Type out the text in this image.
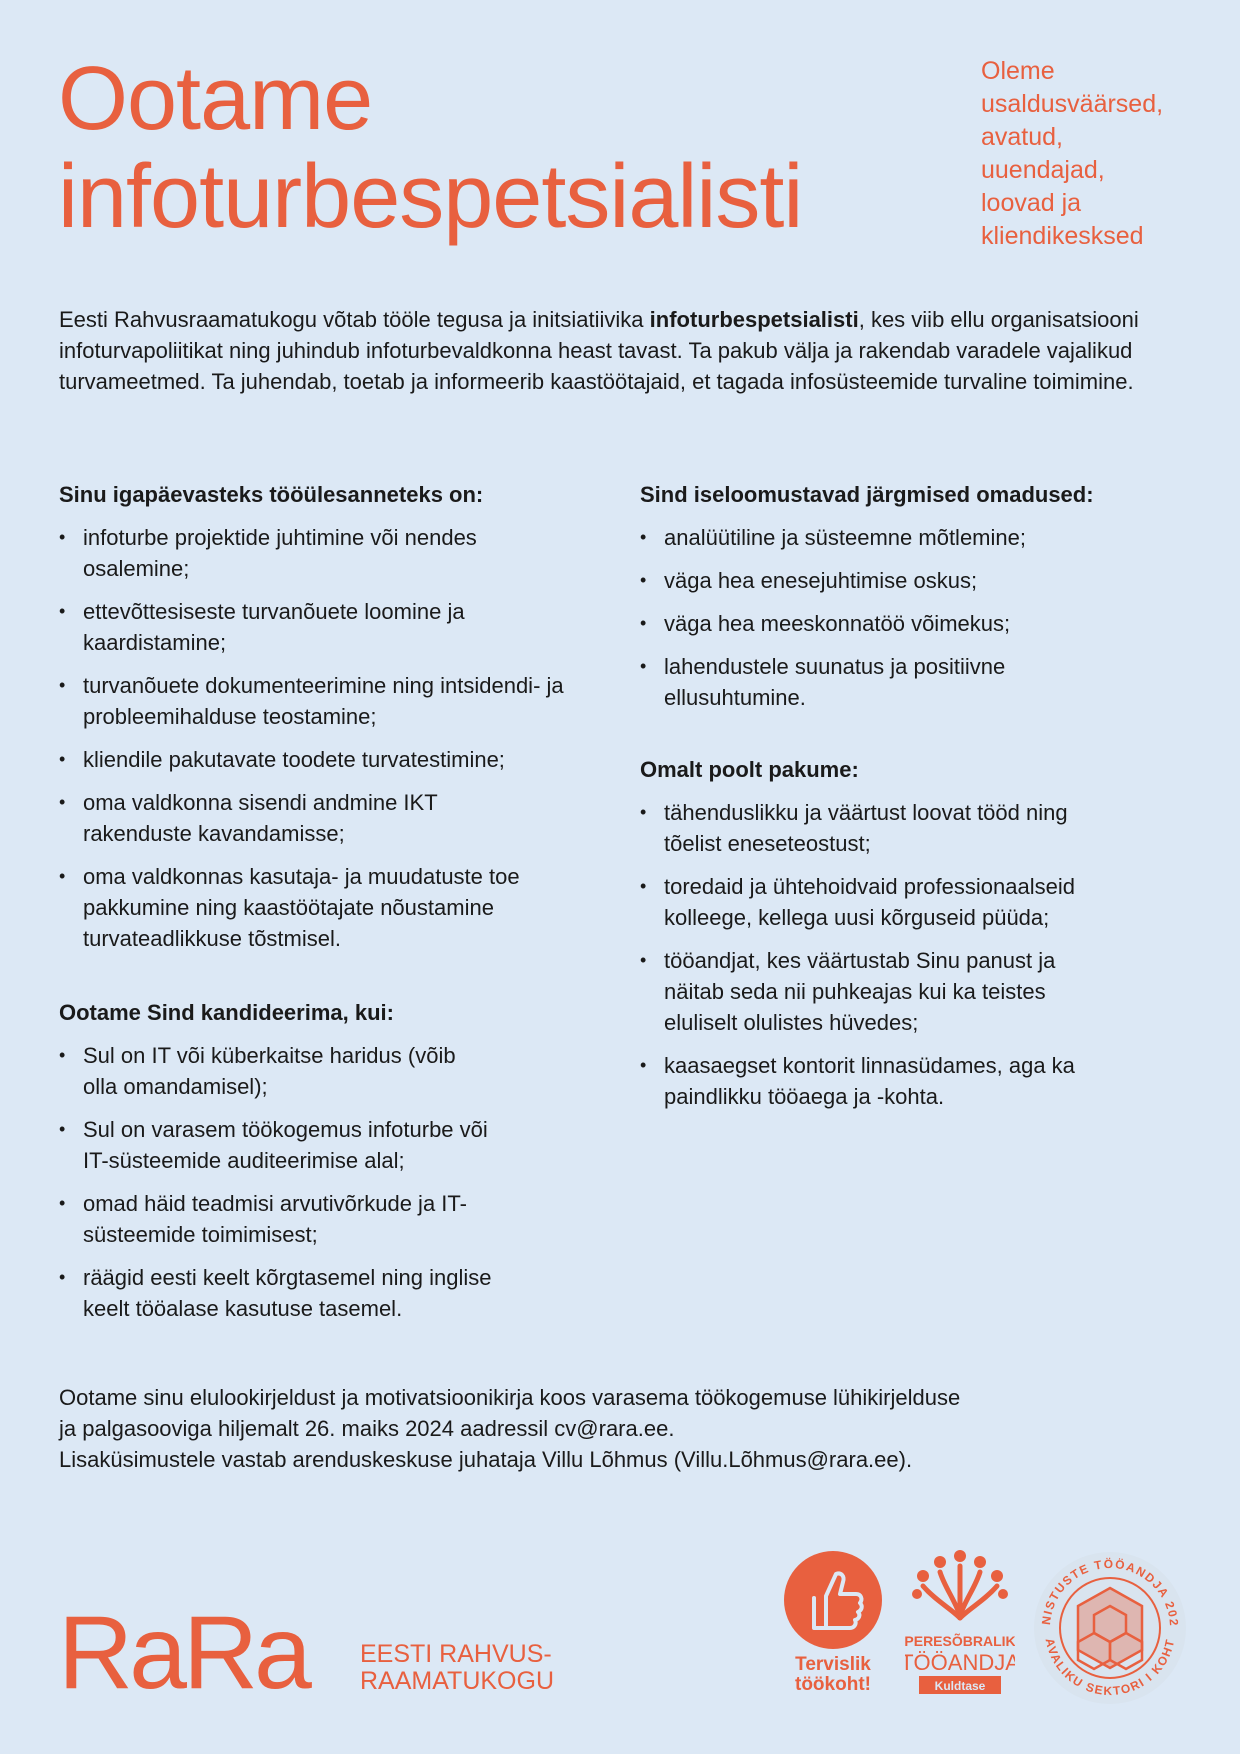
Ootame
infoturbespetsialisti
Oleme
usaldusväärsed,
avatud,
uuendajad,
loovad ja
kliendikesksed

Eesti Rahvusraamatukogu võtab tööle tegusa ja initsiatiivika infoturbespetsialisti, kes viib ellu organisatsiooni infoturvapoliitikat ning juhindub infoturbevaldkonna heast tavast. Ta pakub välja ja rakendab varadele vajalikud turvameetmed. Ta juhendab, toetab ja informeerib kaastöötajaid, et tagada infosüsteemide turvaline toimimine.

Sinu igapäevasteks tööülesanneteks on:
• infoturbe projektide juhtimine või nendes osalemine;
• ettevõttesiseste turvanõuete loomine ja kaardistamine;
• turvanõuete dokumenteerimine ning intsidendi- ja probleemihalduse teostamine;
• kliendile pakutavate toodete turvatestimine;
• oma valdkonna sisendi andmine IKT rakenduste kavandamisse;
• oma valdkonnas kasutaja- ja muudatuste toe pakkumine ning kaastöötajate nõustamine turvateadlikkuse tõstmisel.
Ootame Sind kandideerima, kui:
• Sul on IT või küberkaitse haridus (võib olla omandamisel);
• Sul on varasem töökogemus infoturbe või IT-süsteemide auditeerimise alal;
• omad häid teadmisi arvutivõrkude ja IT-süsteemide toimimisest;
• räägid eesti keelt kõrgtasemel ning inglise keelt tööalase kasutuse tasemel.
Sind iseloomustavad järgmised omadused:
• analüütiline ja süsteemne mõtlemine;
• väga hea enesejuhtimise oskus;
• väga hea meeskonnatöö võimekus;
• lahendustele suunatus ja positiivne ellusuhtumine.
Omalt poolt pakume:
• tähenduslikku ja väärtust loovat tööd ning tõelist eneseteostust;
• toredaid ja ühtehoidvaid professionaalseid kolleege, kellega uusi kõrguseid püüda;
• tööandjat, kes väärtustab Sinu panust ja näitab seda nii puhkeajas kui ka teistes eluliselt olulistes hüvedes;
• kaasaegset kontorit linnasüdames, aga ka paindlikku tööaega ja -kohta.
Ootame sinu elulookirjeldust ja motivatsioonikirja koos varasema töökogemuse lühikirjelduse
ja palgasooviga hiljemalt 26. maiks 2024 aadressil cv@rara.ee.
Lisaküsimustele vastab arenduskeskuse juhataja Villu Lõhmus (Villu.Lõhmus@rara.ee).
RaRa EESTI RAHVUS-
RAAMATUKOGU
Tervislik
töökoht!
PERESÕBRALIK
TÖÖANDJA
Kuldtase
NISTUSTE TÖÖANDJA 202
AVALIKU SEKTORI I KOHT
